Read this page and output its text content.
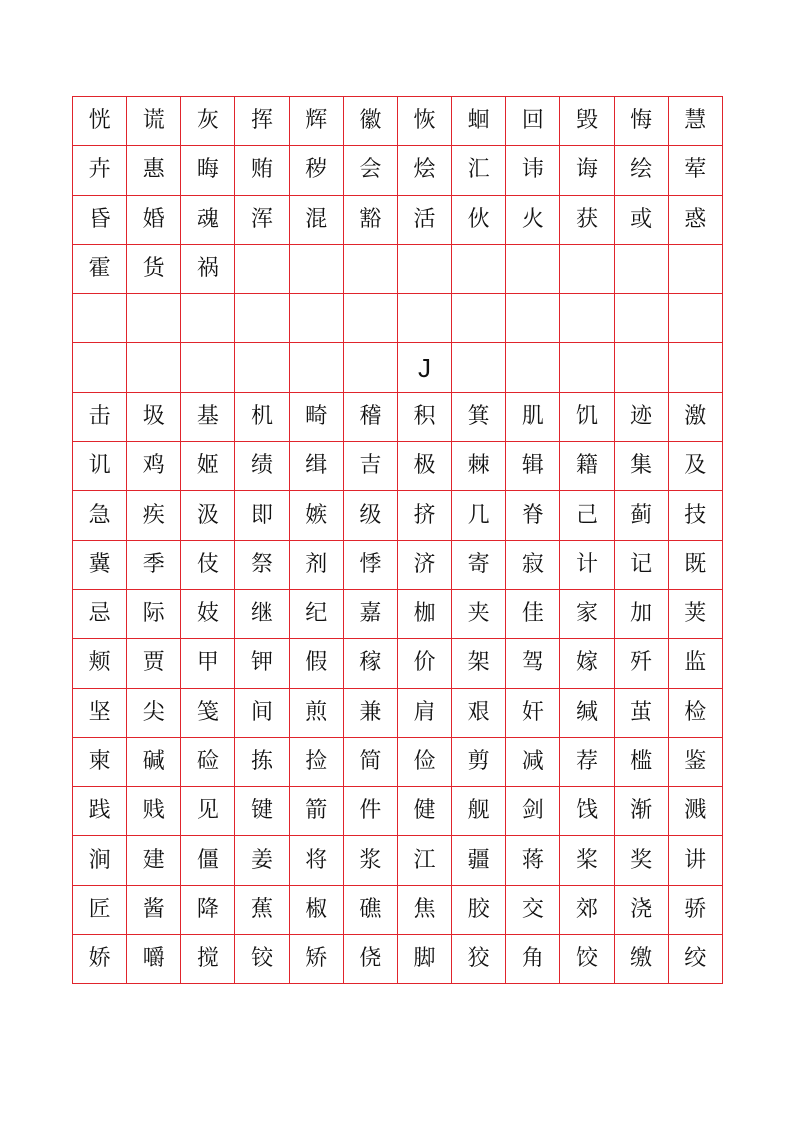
恍	谎	灰	挥	辉	徽	恢	蛔	回	毁	悔	慧
卉	惠	晦	贿	秽	会	烩	汇	讳	诲	绘	荤
昏	婚	魂	浑	混	豁	活	伙	火	获	或	惑
霍	货	祸									

						J					
击	圾	基	机	畸	稽	积	箕	肌	饥	迹	激
讥	鸡	姬	绩	缉	吉	极	棘	辑	籍	集	及
急	疾	汲	即	嫉	级	挤	几	脊	己	蓟	技
冀	季	伎	祭	剂	悸	济	寄	寂	计	记	既
忌	际	妓	继	纪	嘉	枷	夹	佳	家	加	荚
颊	贾	甲	钾	假	稼	价	架	驾	嫁	歼	监
坚	尖	笺	间	煎	兼	肩	艰	奸	缄	茧	检
柬	碱	硷	拣	捡	简	俭	剪	减	荐	槛	鉴
践	贱	见	键	箭	件	健	舰	剑	饯	渐	溅
涧	建	僵	姜	将	浆	江	疆	蒋	桨	奖	讲
匠	酱	降	蕉	椒	礁	焦	胶	交	郊	浇	骄
娇	嚼	搅	铰	矫	侥	脚	狡	角	饺	缴	绞
